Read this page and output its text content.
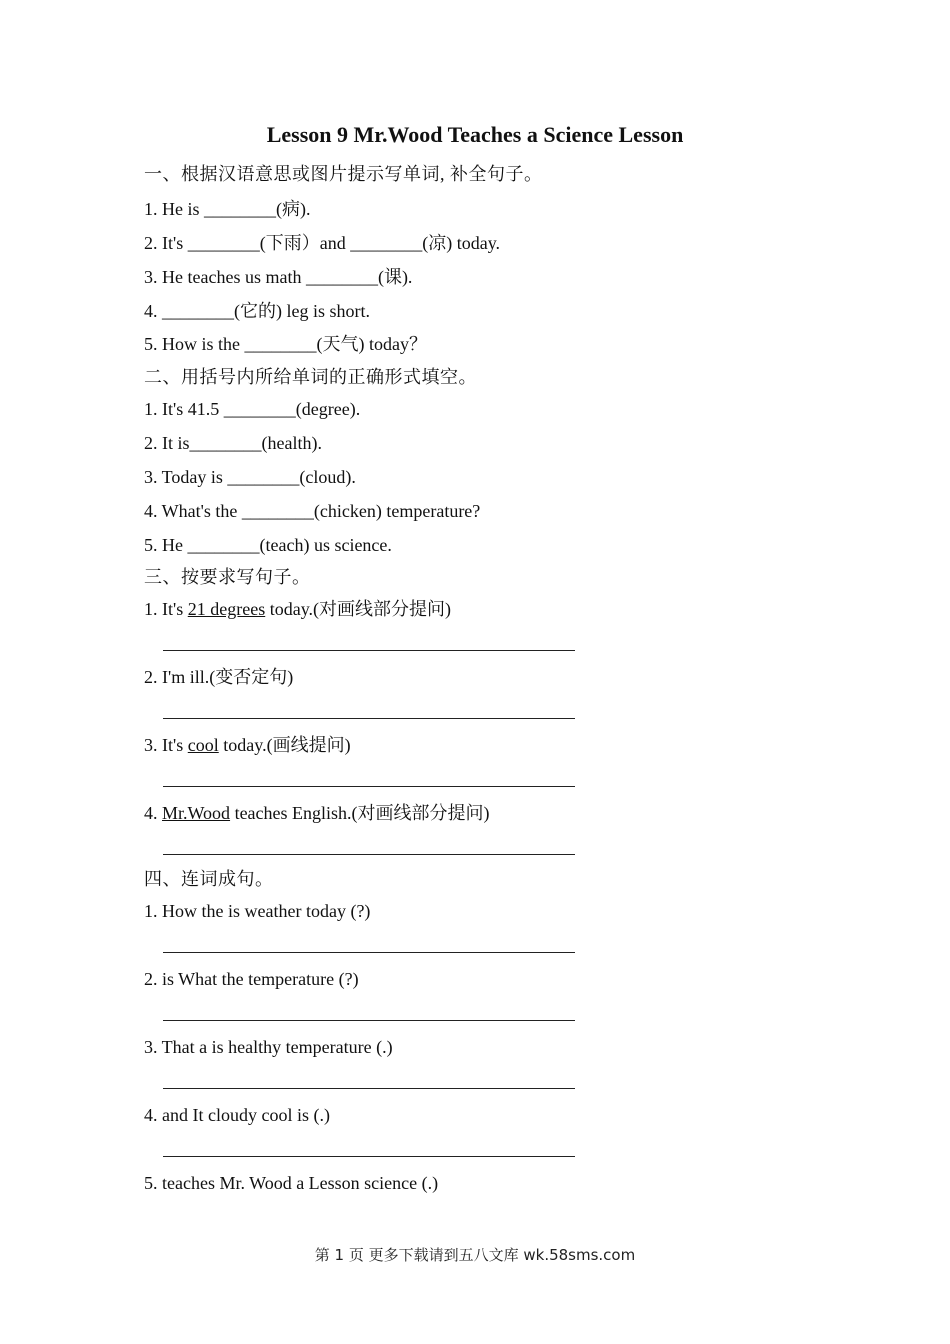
Lesson 9 Mr.Wood Teaches a Science Lesson
一、根据汉语意思或图片提示写单词, 补全句子。
1. He is ________(病).
2. It's ________(下雨）and ________(凉) today.
3. He teaches us math ________(课).
4. ________(它的) leg is short.
5. How is the ________(天气) today？
二、用括号内所给单词的正确形式填空。
1. It's 41.5 ________(degree).
2. It is________(health).
3. Today is ________(cloud).
4. What's the ________(chicken) temperature?
5. He ________(teach) us science.
三、按要求写句子。
1. It's 21 degrees today.(对画线部分提问)
2. I'm ill.(变否定句)
3. It's cool today.(画线提问)
4. Mr.Wood teaches English.(对画线部分提问)
四、连词成句。
1. How the is weather today (?)
2. is What the temperature (?)
3. That a is healthy temperature (.)
4. and It cloudy cool is (.)
5. teaches Mr. Wood a Lesson science (.)
第 1 页 更多下载请到五八文库 wk.58sms.com
